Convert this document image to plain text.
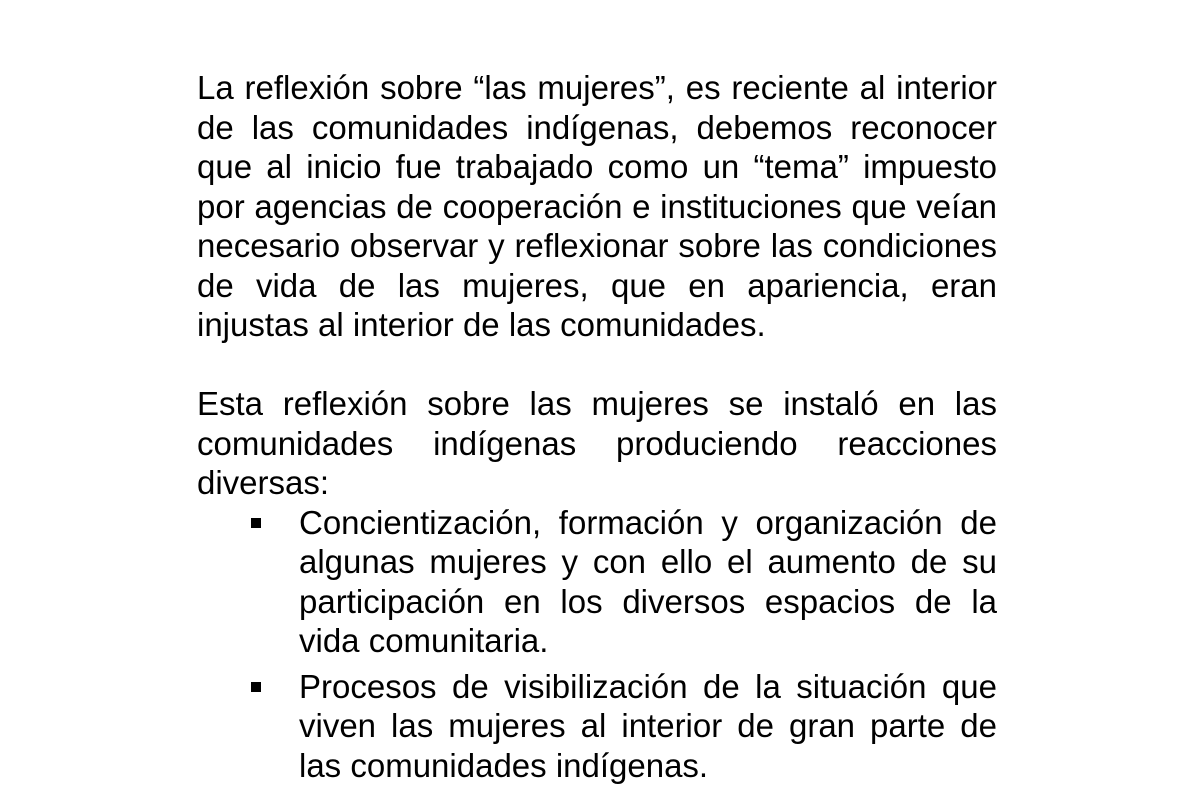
La reflexión sobre “las mujeres”, es reciente al interior de las comunidades indígenas, debemos reconocer que al inicio fue trabajado como un “tema” impuesto por agencias de cooperación e instituciones que veían necesario observar y reflexionar sobre las condiciones de vida de las mujeres, que en apariencia, eran injustas al interior de las comunidades.

Esta reflexión sobre las mujeres se instaló en las comunidades indígenas produciendo reacciones diversas:

Concientización, formación y organización de algunas mujeres y con ello el aumento de su participación en los diversos espacios de la vida comunitaria.
Procesos de visibilización de la situación que viven las mujeres al interior de gran parte de las comunidades indígenas.
